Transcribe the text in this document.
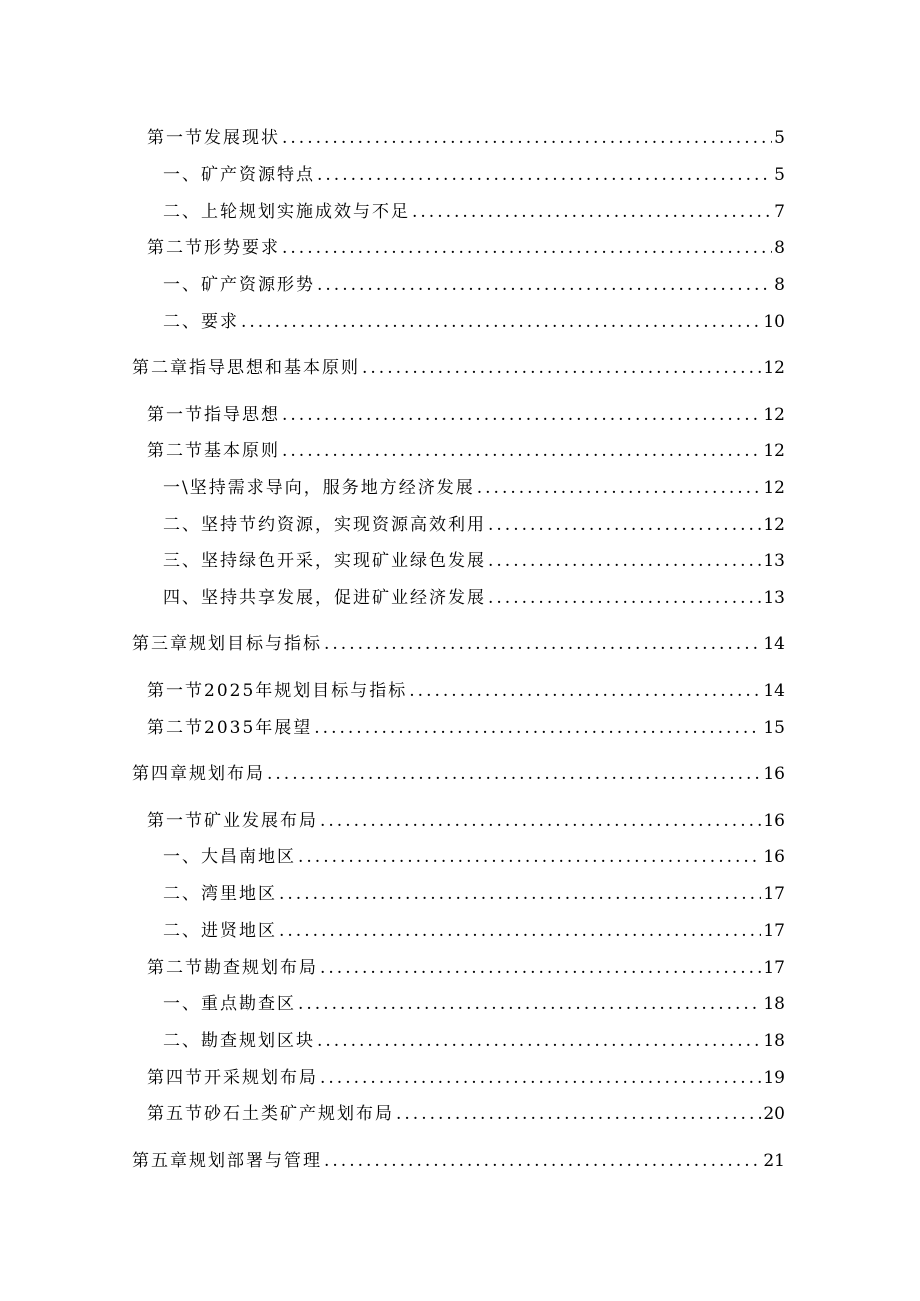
第一节发展现状 .....	5
一、矿产资源特点 .....	5
二、上轮规划实施成效与不足 .....	7
第二节形势要求 .....	8
一、矿产资源形势 .....	8
二、要求 .....	10
第二章指导思想和基本原则 .....	12
第一节指导思想 .....	12
第二节基本原则 .....	12
一\坚持需求导向，服务地方经济发展 .....	12
二、坚持节约资源，实现资源高效利用 .....	12
三、坚持绿色开采，实现矿业绿色发展 .....	13
四、坚持共享发展，促进矿业经济发展 .....	13
第三章规划目标与指标 .....	14
第一节2025年规划目标与指标 .....	14
第二节2035年展望 .....	15
第四章规划布局 .....	16
第一节矿业发展布局 .....	16
一、大昌南地区 .....	16
二、湾里地区 .....	17
二、进贤地区 .....	17
第二节勘查规划布局 .....	17
一、重点勘查区 .....	18
二、勘查规划区块 .....	18
第四节开采规划布局 .....	19
第五节砂石土类矿产规划布局 .....	20
第五章规划部署与管理 .....	21
